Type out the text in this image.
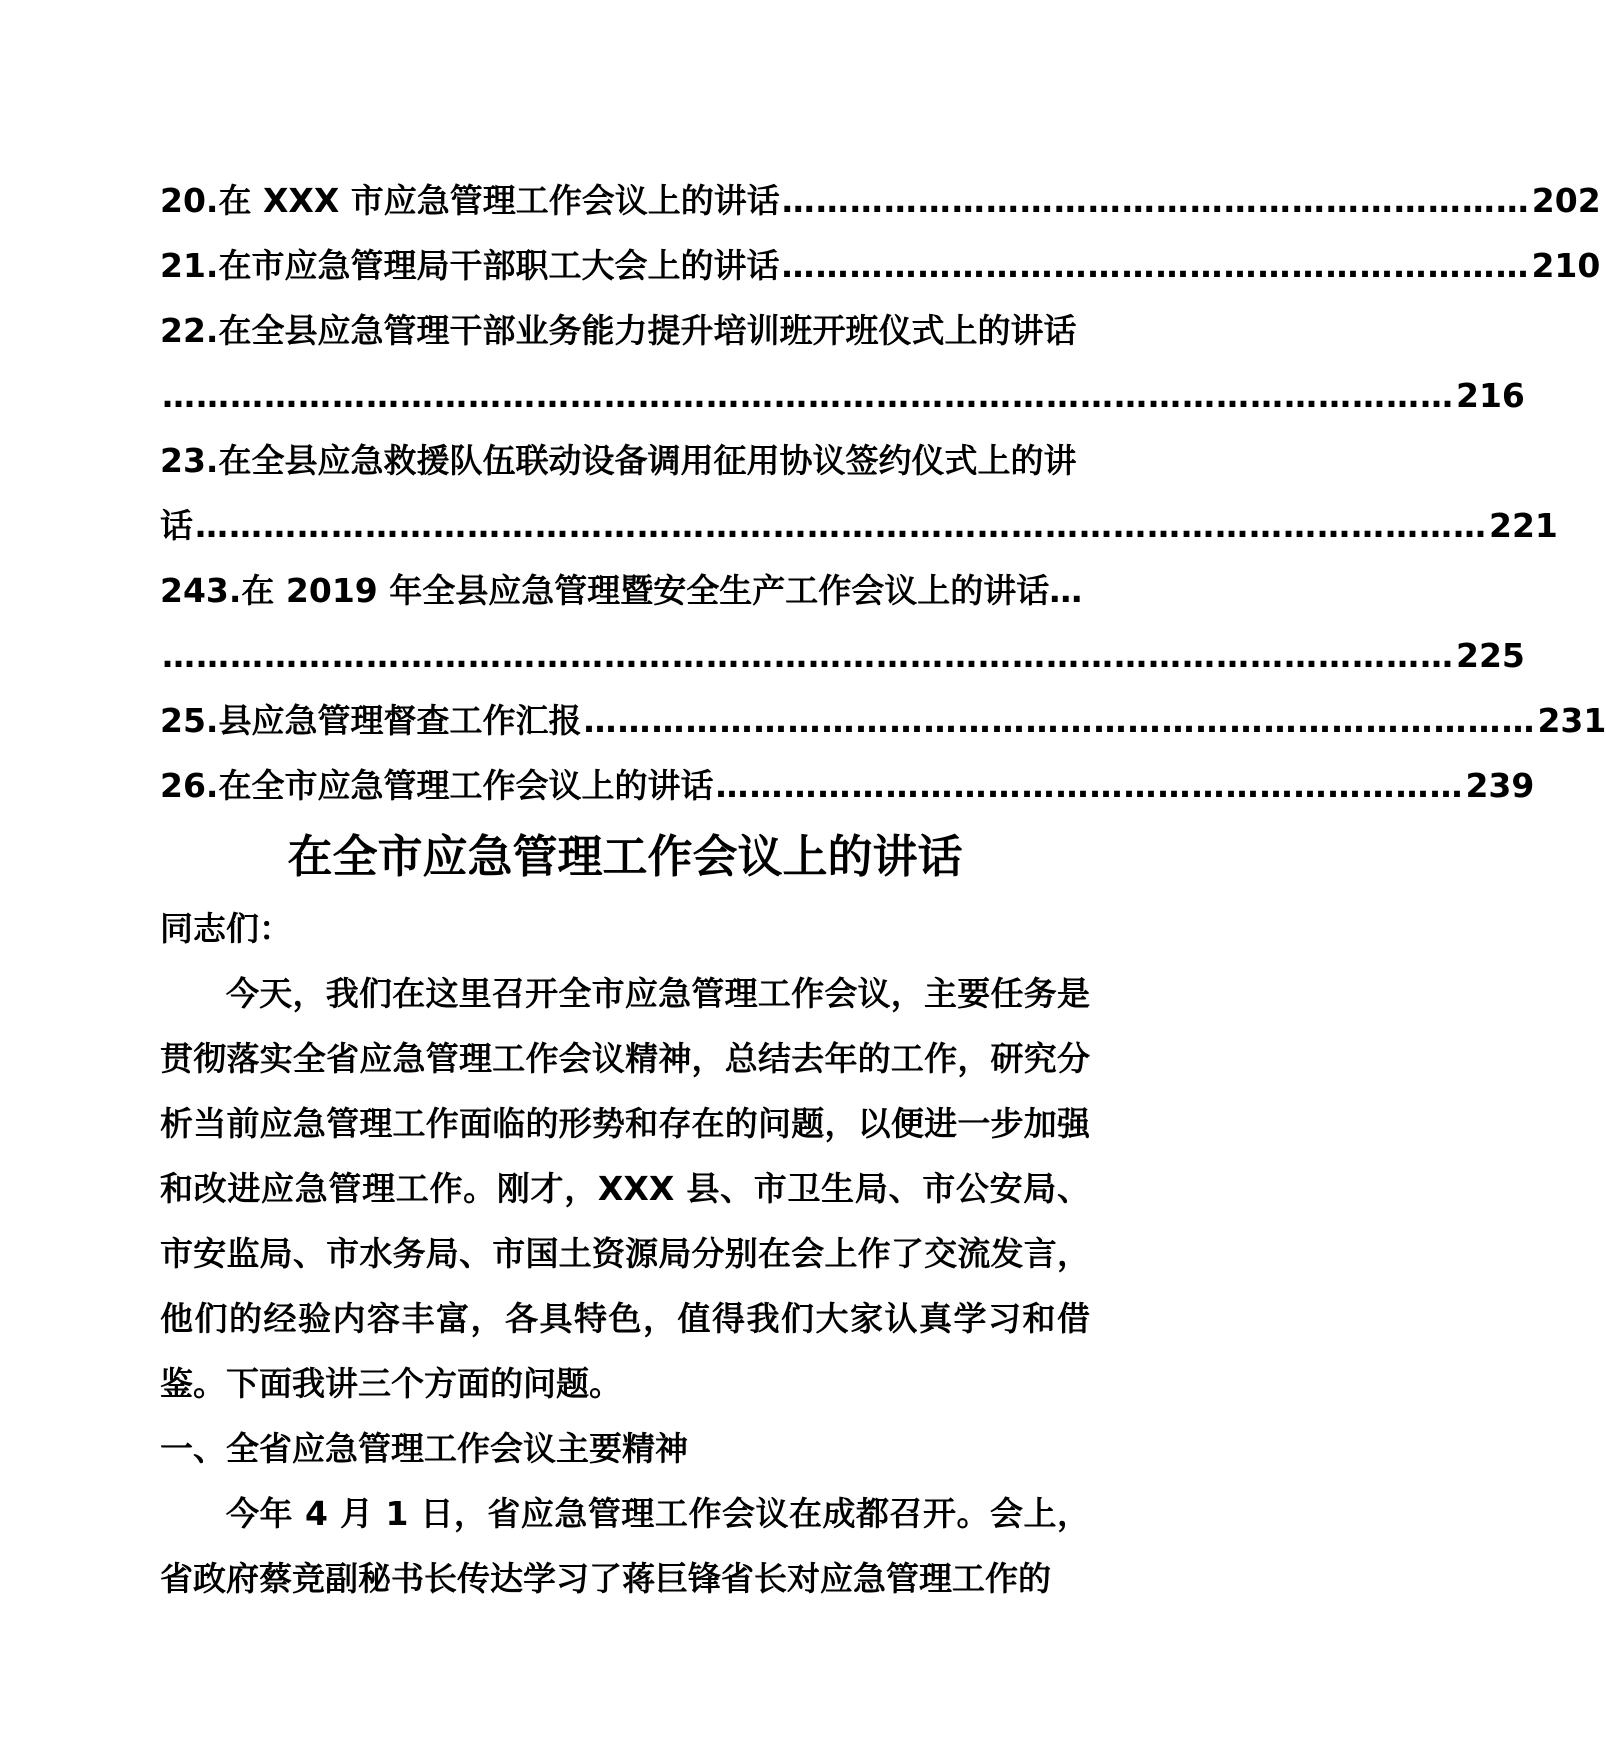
20.在 XXX 市应急管理工作会议上的讲话 ………………………………………………………… 202
21.在市应急管理局干部职工大会上的讲话 ………………………………………………………… 210
22.在全县应急管理干部业务能力提升培训班开班仪式上的讲话
…………………………………………………………………………………………………… 216
23.在全县应急救援队伍联动设备调用征用协议签约仪式上的讲
话 …………………………………………………………………………………………………… 221
243.在 2019 年全县应急管理暨安全生产工作会议上的讲话…
…………………………………………………………………………………………………… 225
25.县应急管理督查工作汇报 ………………………………………………………………………… 231
26.在全市应急管理工作会议上的讲话 ………………………………………………………… 239
在全市应急管理工作会议上的讲话
同志们：
今天，我们在这里召开全市应急管理工作会议，主要任务是贯彻落实全省应急管理工作会议精神，总结去年的工作，研究分析当前应急管理工作面临的形势和存在的问题，以便进一步加强和改进应急管理工作。刚才，XXX 县、市卫生局、市公安局、市安监局、市水务局、市国土资源局分别在会上作了交流发言，他们的经验内容丰富，各具特色，值得我们大家认真学习和借鉴。下面我讲三个方面的问题。
一、全省应急管理工作会议主要精神
今年 4 月 1 日，省应急管理工作会议在成都召开。会上，省政府蔡竞副秘书长传达学习了蒋巨锋省长对应急管理工作的
